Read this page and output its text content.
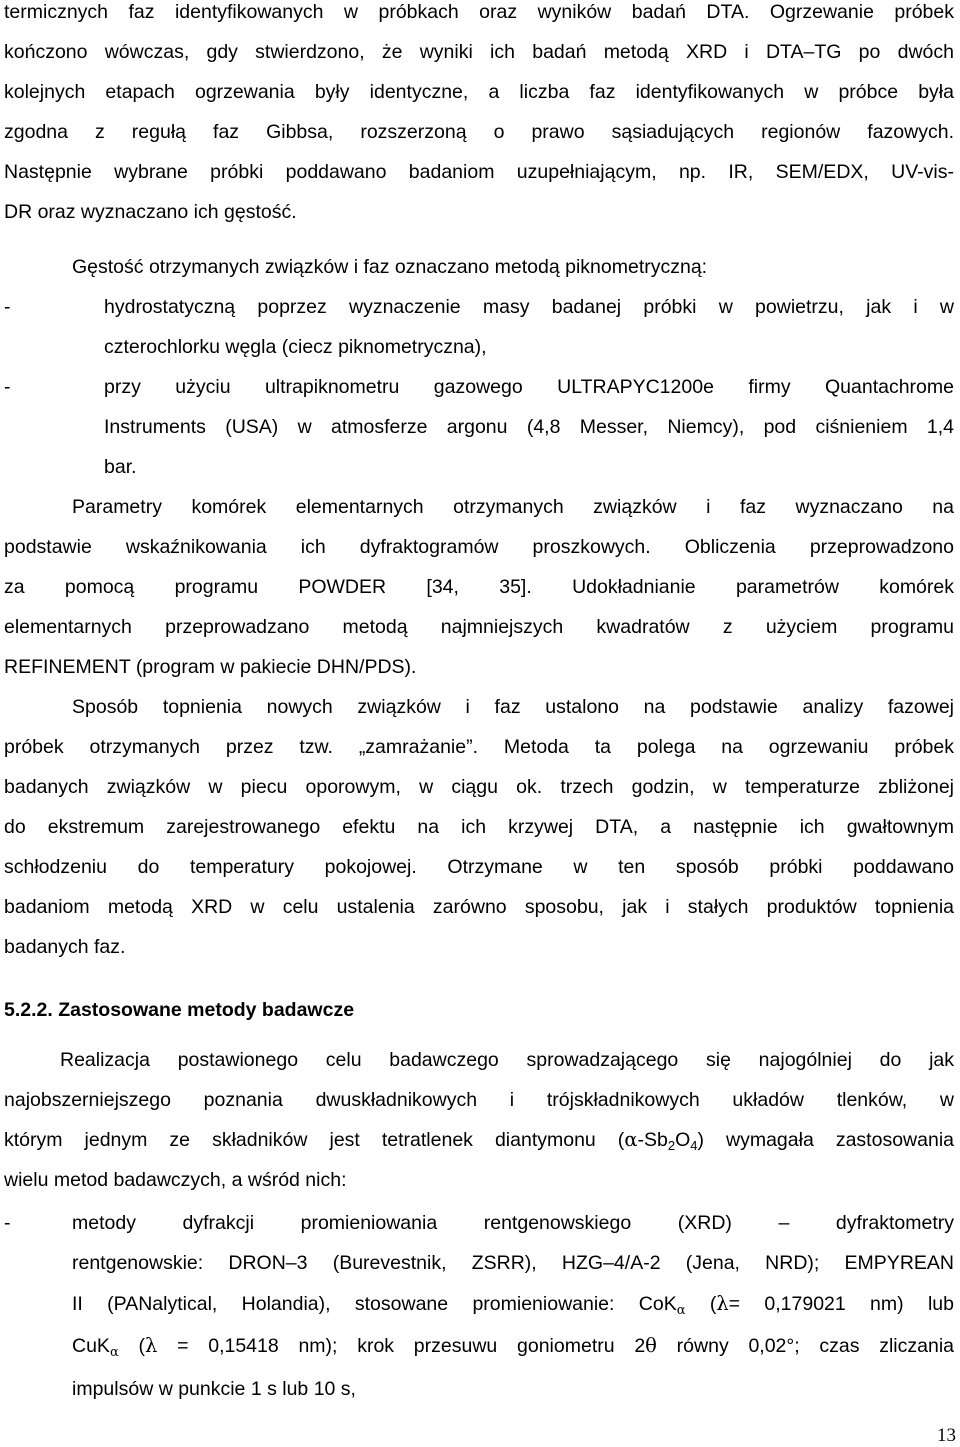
termicznych faz identyfikowanych w próbkach oraz wyników badań DTA. Ogrzewanie próbek
kończono wówczas, gdy stwierdzono, że wyniki ich badań metodą XRD i DTA–TG po dwóch
kolejnych etapach ogrzewania były identyczne, a liczba faz identyfikowanych w próbce była
zgodna z regułą faz Gibbsa, rozszerzoną o prawo sąsiadujących regionów fazowych.
Następnie wybrane próbki poddawano badaniom uzupełniającym, np. IR, SEM/EDX, UV-vis-
DR oraz wyznaczano ich gęstość.
Gęstość otrzymanych związków i faz oznaczano metodą piknometryczną:
-	hydrostatyczną poprzez wyznaczenie masy badanej próbki w powietrzu, jak i w
czterochlorku węgla (ciecz piknometryczna),
-	przy użyciu ultrapiknometru gazowego ULTRAPYC1200e firmy Quantachrome
Instruments (USA) w atmosferze argonu (4,8 Messer, Niemcy), pod ciśnieniem 1,4
bar.
Parametry komórek elementarnych otrzymanych związków i faz wyznaczano na
podstawie wskaźnikowania ich dyfraktogramów proszkowych. Obliczenia przeprowadzono
za pomocą programu POWDER [34, 35]. Udokładnianie parametrów komórek
elementarnych przeprowadzano metodą najmniejszych kwadratów z użyciem programu
REFINEMENT (program w pakiecie DHN/PDS).
Sposób topnienia nowych związków i faz ustalono na podstawie analizy fazowej
próbek otrzymanych przez tzw. „zamrażanie”. Metoda ta polega na ogrzewaniu próbek
badanych związków w piecu oporowym, w ciągu ok. trzech godzin, w temperaturze zbliżonej
do ekstremum zarejestrowanego efektu na ich krzywej DTA, a następnie ich gwałtownym
schłodzeniu do temperatury pokojowej. Otrzymane w ten sposób próbki poddawano
badaniom metodą XRD w celu ustalenia zarówno sposobu, jak i stałych produktów topnienia
badanych faz.
5.2.2. Zastosowane metody badawcze
Realizacja postawionego celu badawczego sprowadzającego się najogólniej do jak
najobszerniejszego poznania dwuskładnikowych i trójskładnikowych układów tlenków, w
którym jednym ze składników jest tetratlenek diantymonu $(\alpha-Sb_2O_4)$ wymagała zastosowania
wielu metod badawczych, a wśród nich:
-	metody dyfrakcji promieniowania rentgenowskiego (XRD) – dyfraktometry
rentgenowskie: DRON–3 (Burevestnik, ZSRR), HZG–4/A-2 (Jena, NRD); EMPYREAN
II (PANalytical, Holandia), stosowane promieniowanie: CoK$_\alpha$ (λ= 0,179021 nm) lub
CuK$_\alpha$ (λ = 0,15418 nm); krok przesuwu goniometru 2θ równy 0,02°; czas zliczania
impulsów w punkcie 1 s lub 10 s,
13
